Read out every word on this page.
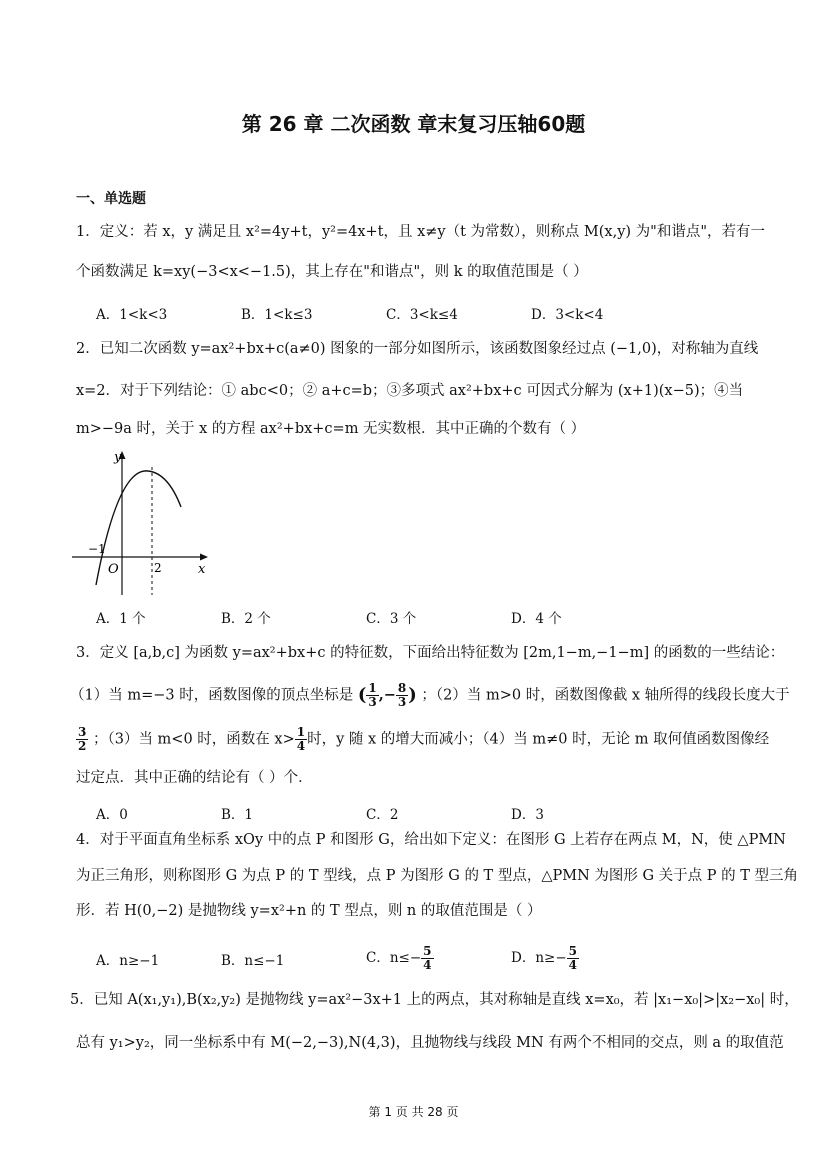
第 26 章 二次函数 章末复习压轴60题
一、单选题
1．定义：若 x，y 满足且 x²=4y+t，y²=4x+t，且 x≠y（t 为常数），则称点 M(x,y) 为"和谐点"，若有一
个函数满足 k=xy(−3<x<−1.5)，其上存在"和谐点"，则 k 的取值范围是（ ）
A．1<k<3	B．1<k≤3	C．3<k≤4	D．3<k<4
2．已知二次函数 y=ax²+bx+c(a≠0) 图象的一部分如图所示，该函数图象经过点 (−1,0)，对称轴为直线
x=2．对于下列结论：① abc<0；② a+c=b；③多项式 ax²+bx+c 可因式分解为 (x+1)(x−5)；④当
m>−9a 时，关于 x 的方程 ax²+bx+c=m 无实数根．其中正确的个数有（ ）
y
x
O
−1
2
A．1 个	B．2 个	C．3 个	D．4 个
3．定义 [a,b,c] 为函数 y=ax²+bx+c 的特征数，下面给出特征数为 [2m,1−m,−1−m] 的函数的一些结论：
（1）当 m=−3 时，函数图像的顶点坐标是 ( $\frac{1}{3}$ ,− $\frac{8}{3}$ ) ；（2）当 m>0 时，函数图像截 x 轴所得的线段长度大于
$\frac{3}{2}$ ；（3）当 m<0 时，函数在 $x> \frac{1}{4}$ 时，y 随 x 的增大而减小；（4）当 m≠0 时，无论 m 取何值函数图像经
过定点．其中正确的结论有（ ）个．
A．0	B．1	C．2	D．3
4．对于平面直角坐标系 xOy 中的点 P 和图形 G，给出如下定义：在图形 G 上若存在两点 M，N，使 △PMN
为正三角形，则称图形 G 为点 P 的 T 型线，点 P 为图形 G 的 T 型点，△PMN 为图形 G 关于点 P 的 T 型三角
形．若 H(0,−2) 是抛物线 y=x²+n 的 T 型点，则 n 的取值范围是（ ）
A．n≥−1	B．n≤−1	C．$n\le- \frac{5}{4}$	D．$n\ge- \frac{5}{4}$
5．已知 A(x₁,y₁),B(x₂,y₂) 是抛物线 y=ax²−3x+1 上的两点，其对称轴是直线 x=x₀，若 |x₁−x₀|>|x₂−x₀| 时，
总有 y₁>y₂，同一坐标系中有 M(−2,−3),N(4,3)，且抛物线与线段 MN 有两个不相同的交点，则 a 的取值范
第 1 页 共 28 页
